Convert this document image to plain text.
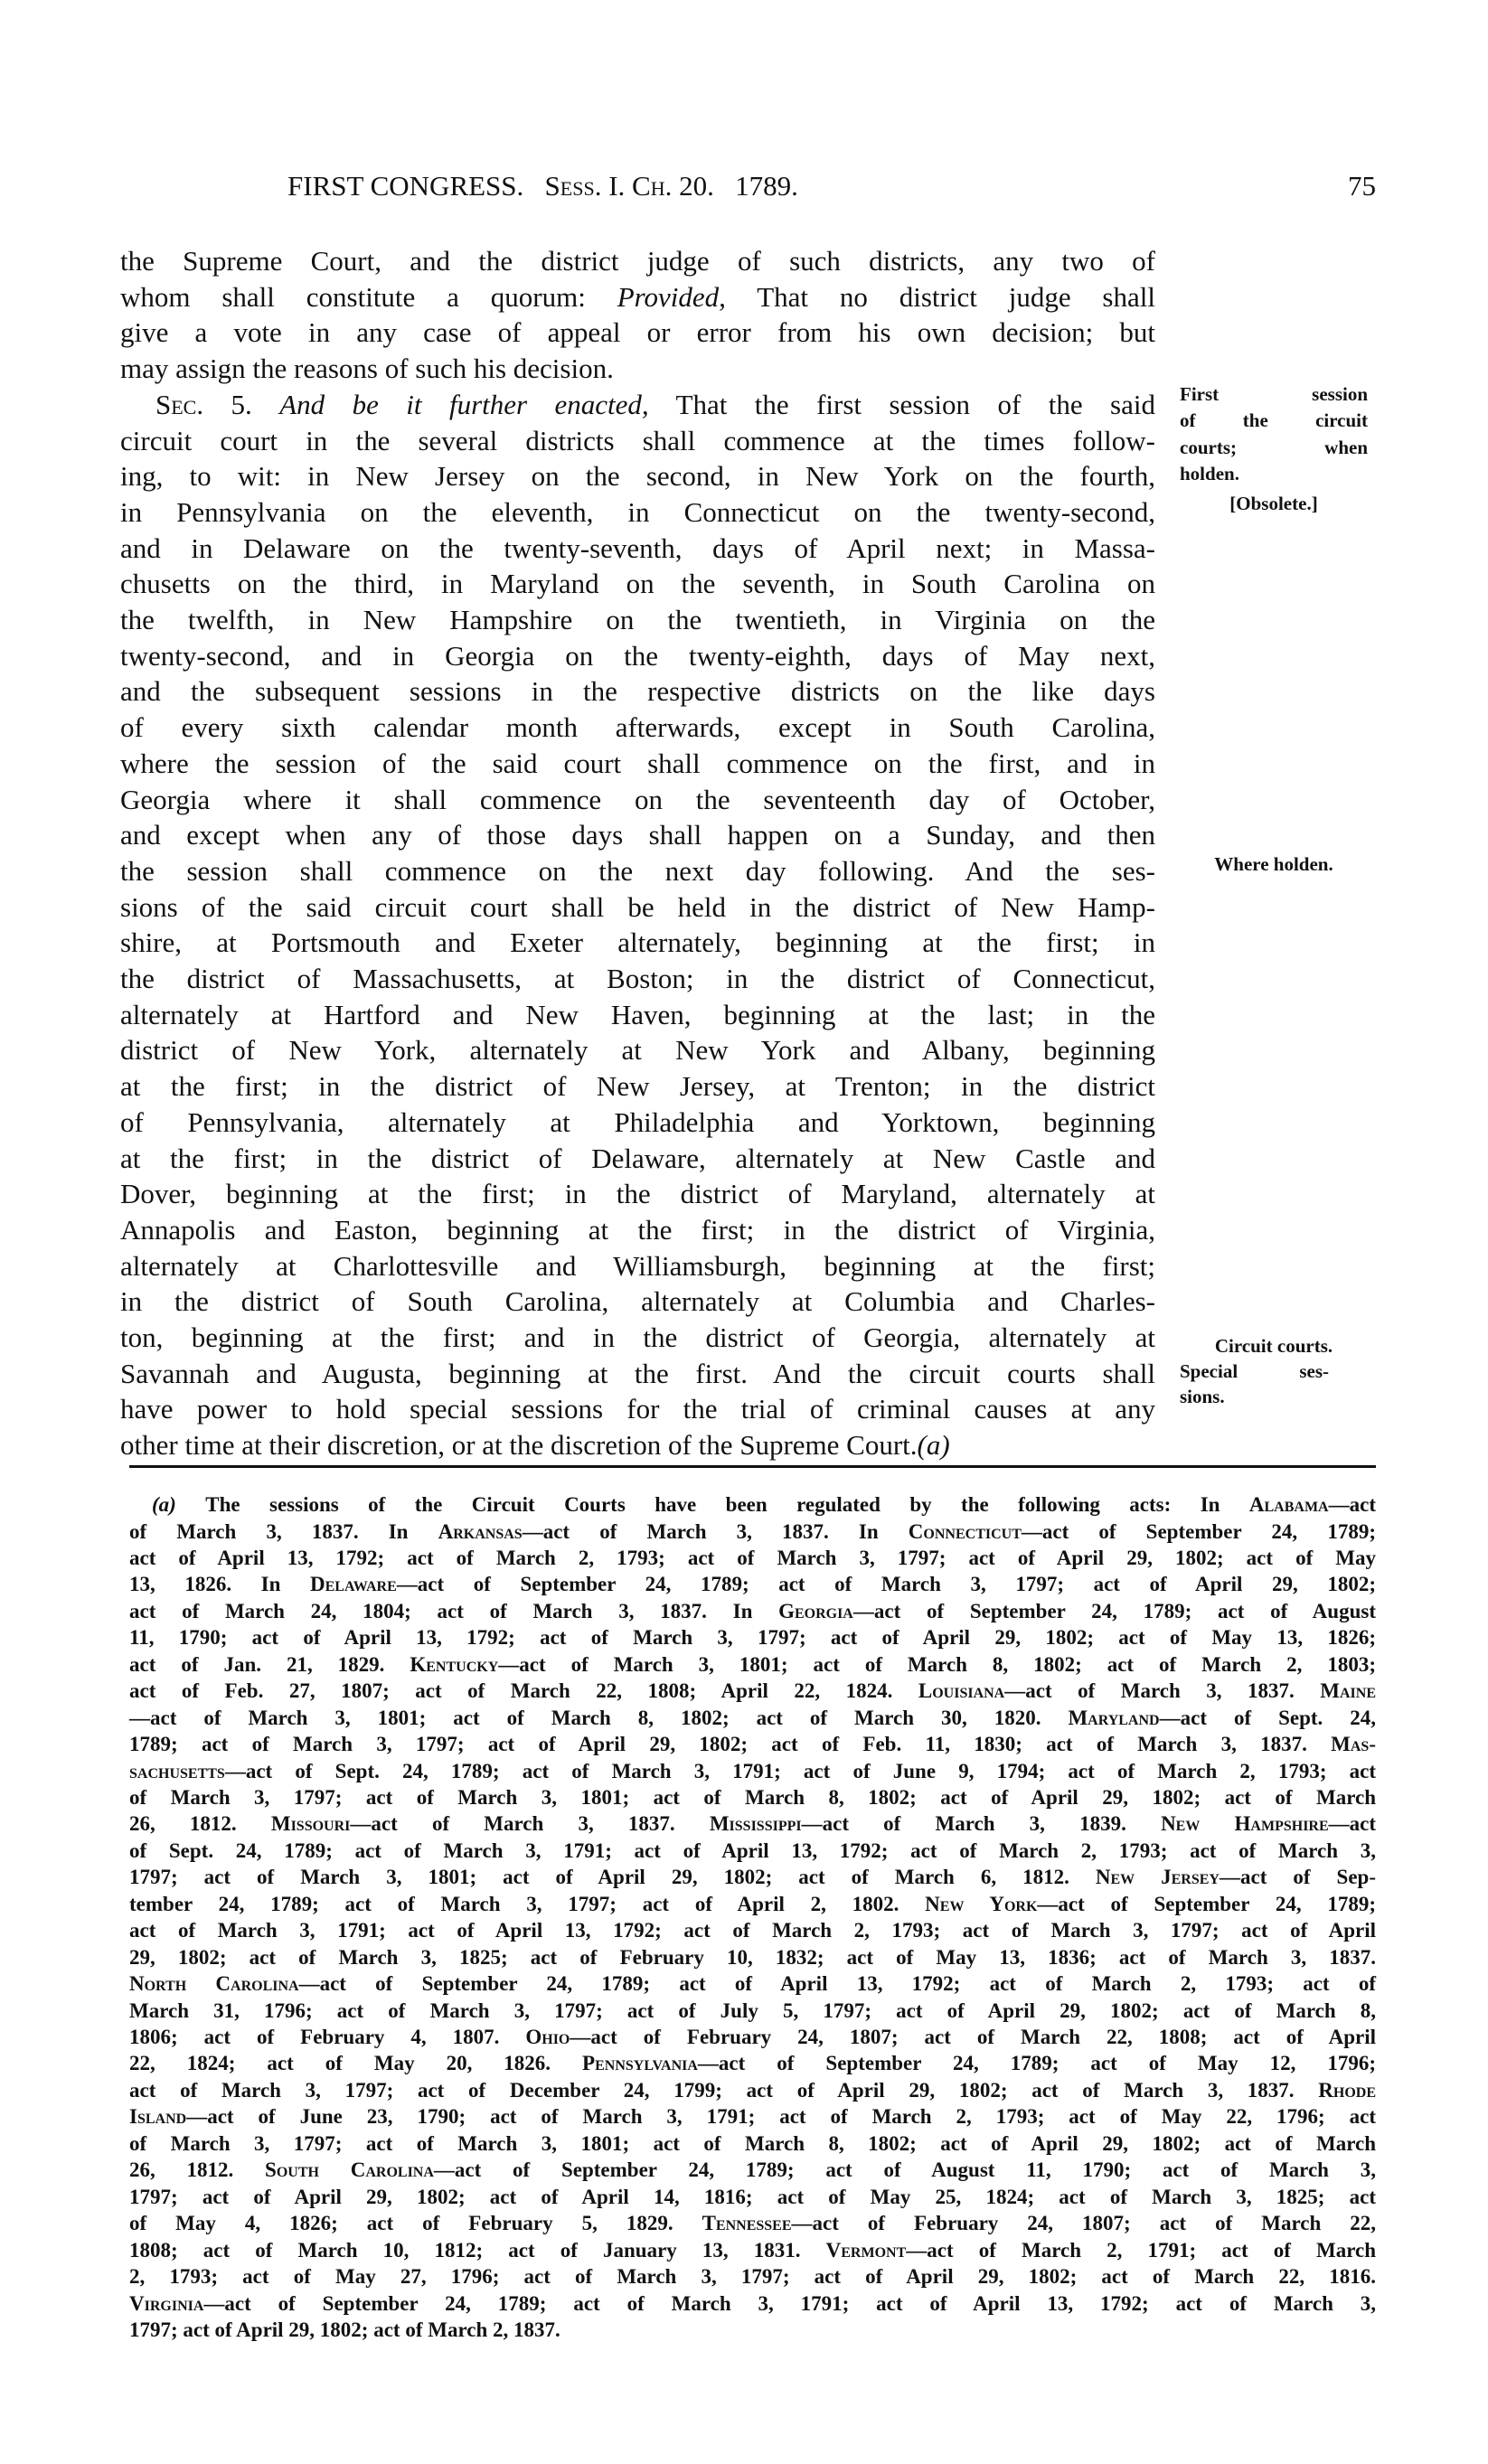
FIRST CONGRESS. Sess. I. Ch. 20. 1789.	75
the Supreme Court, and the district judge of such districts, any two of
whom shall constitute a quorum: Provided, That no district judge shall
give a vote in any case of appeal or error from his own decision; but
may assign the reasons of such his decision.
Sec. 5. And be it further enacted, That the first session of the said
circuit court in the several districts shall commence at the times follow-
ing, to wit: in New Jersey on the second, in New York on the fourth,
in Pennsylvania on the eleventh, in Connecticut on the twenty-second,
and in Delaware on the twenty-seventh, days of April next; in Massa-
chusetts on the third, in Maryland on the seventh, in South Carolina on
the twelfth, in New Hampshire on the twentieth, in Virginia on the
twenty-second, and in Georgia on the twenty-eighth, days of May next,
and the subsequent sessions in the respective districts on the like days
of every sixth calendar month afterwards, except in South Carolina,
where the session of the said court shall commence on the first, and in
Georgia where it shall commence on the seventeenth day of October,
and except when any of those days shall happen on a Sunday, and then
the session shall commence on the next day following. And the ses-
sions of the said circuit court shall be held in the district of New Hamp-
shire, at Portsmouth and Exeter alternately, beginning at the first; in
the district of Massachusetts, at Boston; in the district of Connecticut,
alternately at Hartford and New Haven, beginning at the last; in the
district of New York, alternately at New York and Albany, beginning
at the first; in the district of New Jersey, at Trenton; in the district
of Pennsylvania, alternately at Philadelphia and Yorktown, beginning
at the first; in the district of Delaware, alternately at New Castle and
Dover, beginning at the first; in the district of Maryland, alternately at
Annapolis and Easton, beginning at the first; in the district of Virginia,
alternately at Charlottesville and Williamsburgh, beginning at the first;
in the district of South Carolina, alternately at Columbia and Charles-
ton, beginning at the first; and in the district of Georgia, alternately at
Savannah and Augusta, beginning at the first. And the circuit courts shall
have power to hold special sessions for the trial of criminal causes at any
other time at their discretion, or at the discretion of the Supreme Court.(a)
First session
of the circuit
courts; when
holden.
[Obsolete.]
Where holden.
Circuit courts.
Special ses-
sions.
(a) The sessions of the Circuit Courts have been regulated by the following acts: In Alabama—act
of March 3, 1837. In Arkansas—act of March 3, 1837. In Connecticut—act of September 24, 1789;
act of April 13, 1792; act of March 2, 1793; act of March 3, 1797; act of April 29, 1802; act of May
13, 1826. In Delaware—act of September 24, 1789; act of March 3, 1797; act of April 29, 1802;
act of March 24, 1804; act of March 3, 1837. In Georgia—act of September 24, 1789; act of August
11, 1790; act of April 13, 1792; act of March 3, 1797; act of April 29, 1802; act of May 13, 1826;
act of Jan. 21, 1829. Kentucky—act of March 3, 1801; act of March 8, 1802; act of March 2, 1803;
act of Feb. 27, 1807; act of March 22, 1808; April 22, 1824. Louisiana—act of March 3, 1837. Maine
—act of March 3, 1801; act of March 8, 1802; act of March 30, 1820. Maryland—act of Sept. 24,
1789; act of March 3, 1797; act of April 29, 1802; act of Feb. 11, 1830; act of March 3, 1837. Mas-
sachusetts—act of Sept. 24, 1789; act of March 3, 1791; act of June 9, 1794; act of March 2, 1793; act
of March 3, 1797; act of March 3, 1801; act of March 8, 1802; act of April 29, 1802; act of March
26, 1812. Missouri—act of March 3, 1837. Mississippi—act of March 3, 1839. New Hampshire—act
of Sept. 24, 1789; act of March 3, 1791; act of April 13, 1792; act of March 2, 1793; act of March 3,
1797; act of March 3, 1801; act of April 29, 1802; act of March 6, 1812. New Jersey—act of Sep-
tember 24, 1789; act of March 3, 1797; act of April 2, 1802. New York—act of September 24, 1789;
act of March 3, 1791; act of April 13, 1792; act of March 2, 1793; act of March 3, 1797; act of April
29, 1802; act of March 3, 1825; act of February 10, 1832; act of May 13, 1836; act of March 3, 1837.
North Carolina—act of September 24, 1789; act of April 13, 1792; act of March 2, 1793; act of
March 31, 1796; act of March 3, 1797; act of July 5, 1797; act of April 29, 1802; act of March 8,
1806; act of February 4, 1807. Ohio—act of February 24, 1807; act of March 22, 1808; act of April
22, 1824; act of May 20, 1826. Pennsylvania—act of September 24, 1789; act of May 12, 1796;
act of March 3, 1797; act of December 24, 1799; act of April 29, 1802; act of March 3, 1837. Rhode
Island—act of June 23, 1790; act of March 3, 1791; act of March 2, 1793; act of May 22, 1796; act
of March 3, 1797; act of March 3, 1801; act of March 8, 1802; act of April 29, 1802; act of March
26, 1812. South Carolina—act of September 24, 1789; act of August 11, 1790; act of March 3,
1797; act of April 29, 1802; act of April 14, 1816; act of May 25, 1824; act of March 3, 1825; act
of May 4, 1826; act of February 5, 1829. Tennessee—act of February 24, 1807; act of March 22,
1808; act of March 10, 1812; act of January 13, 1831. Vermont—act of March 2, 1791; act of March
2, 1793; act of May 27, 1796; act of March 3, 1797; act of April 29, 1802; act of March 22, 1816.
Virginia—act of September 24, 1789; act of March 3, 1791; act of April 13, 1792; act of March 3,
1797; act of April 29, 1802; act of March 2, 1837.
